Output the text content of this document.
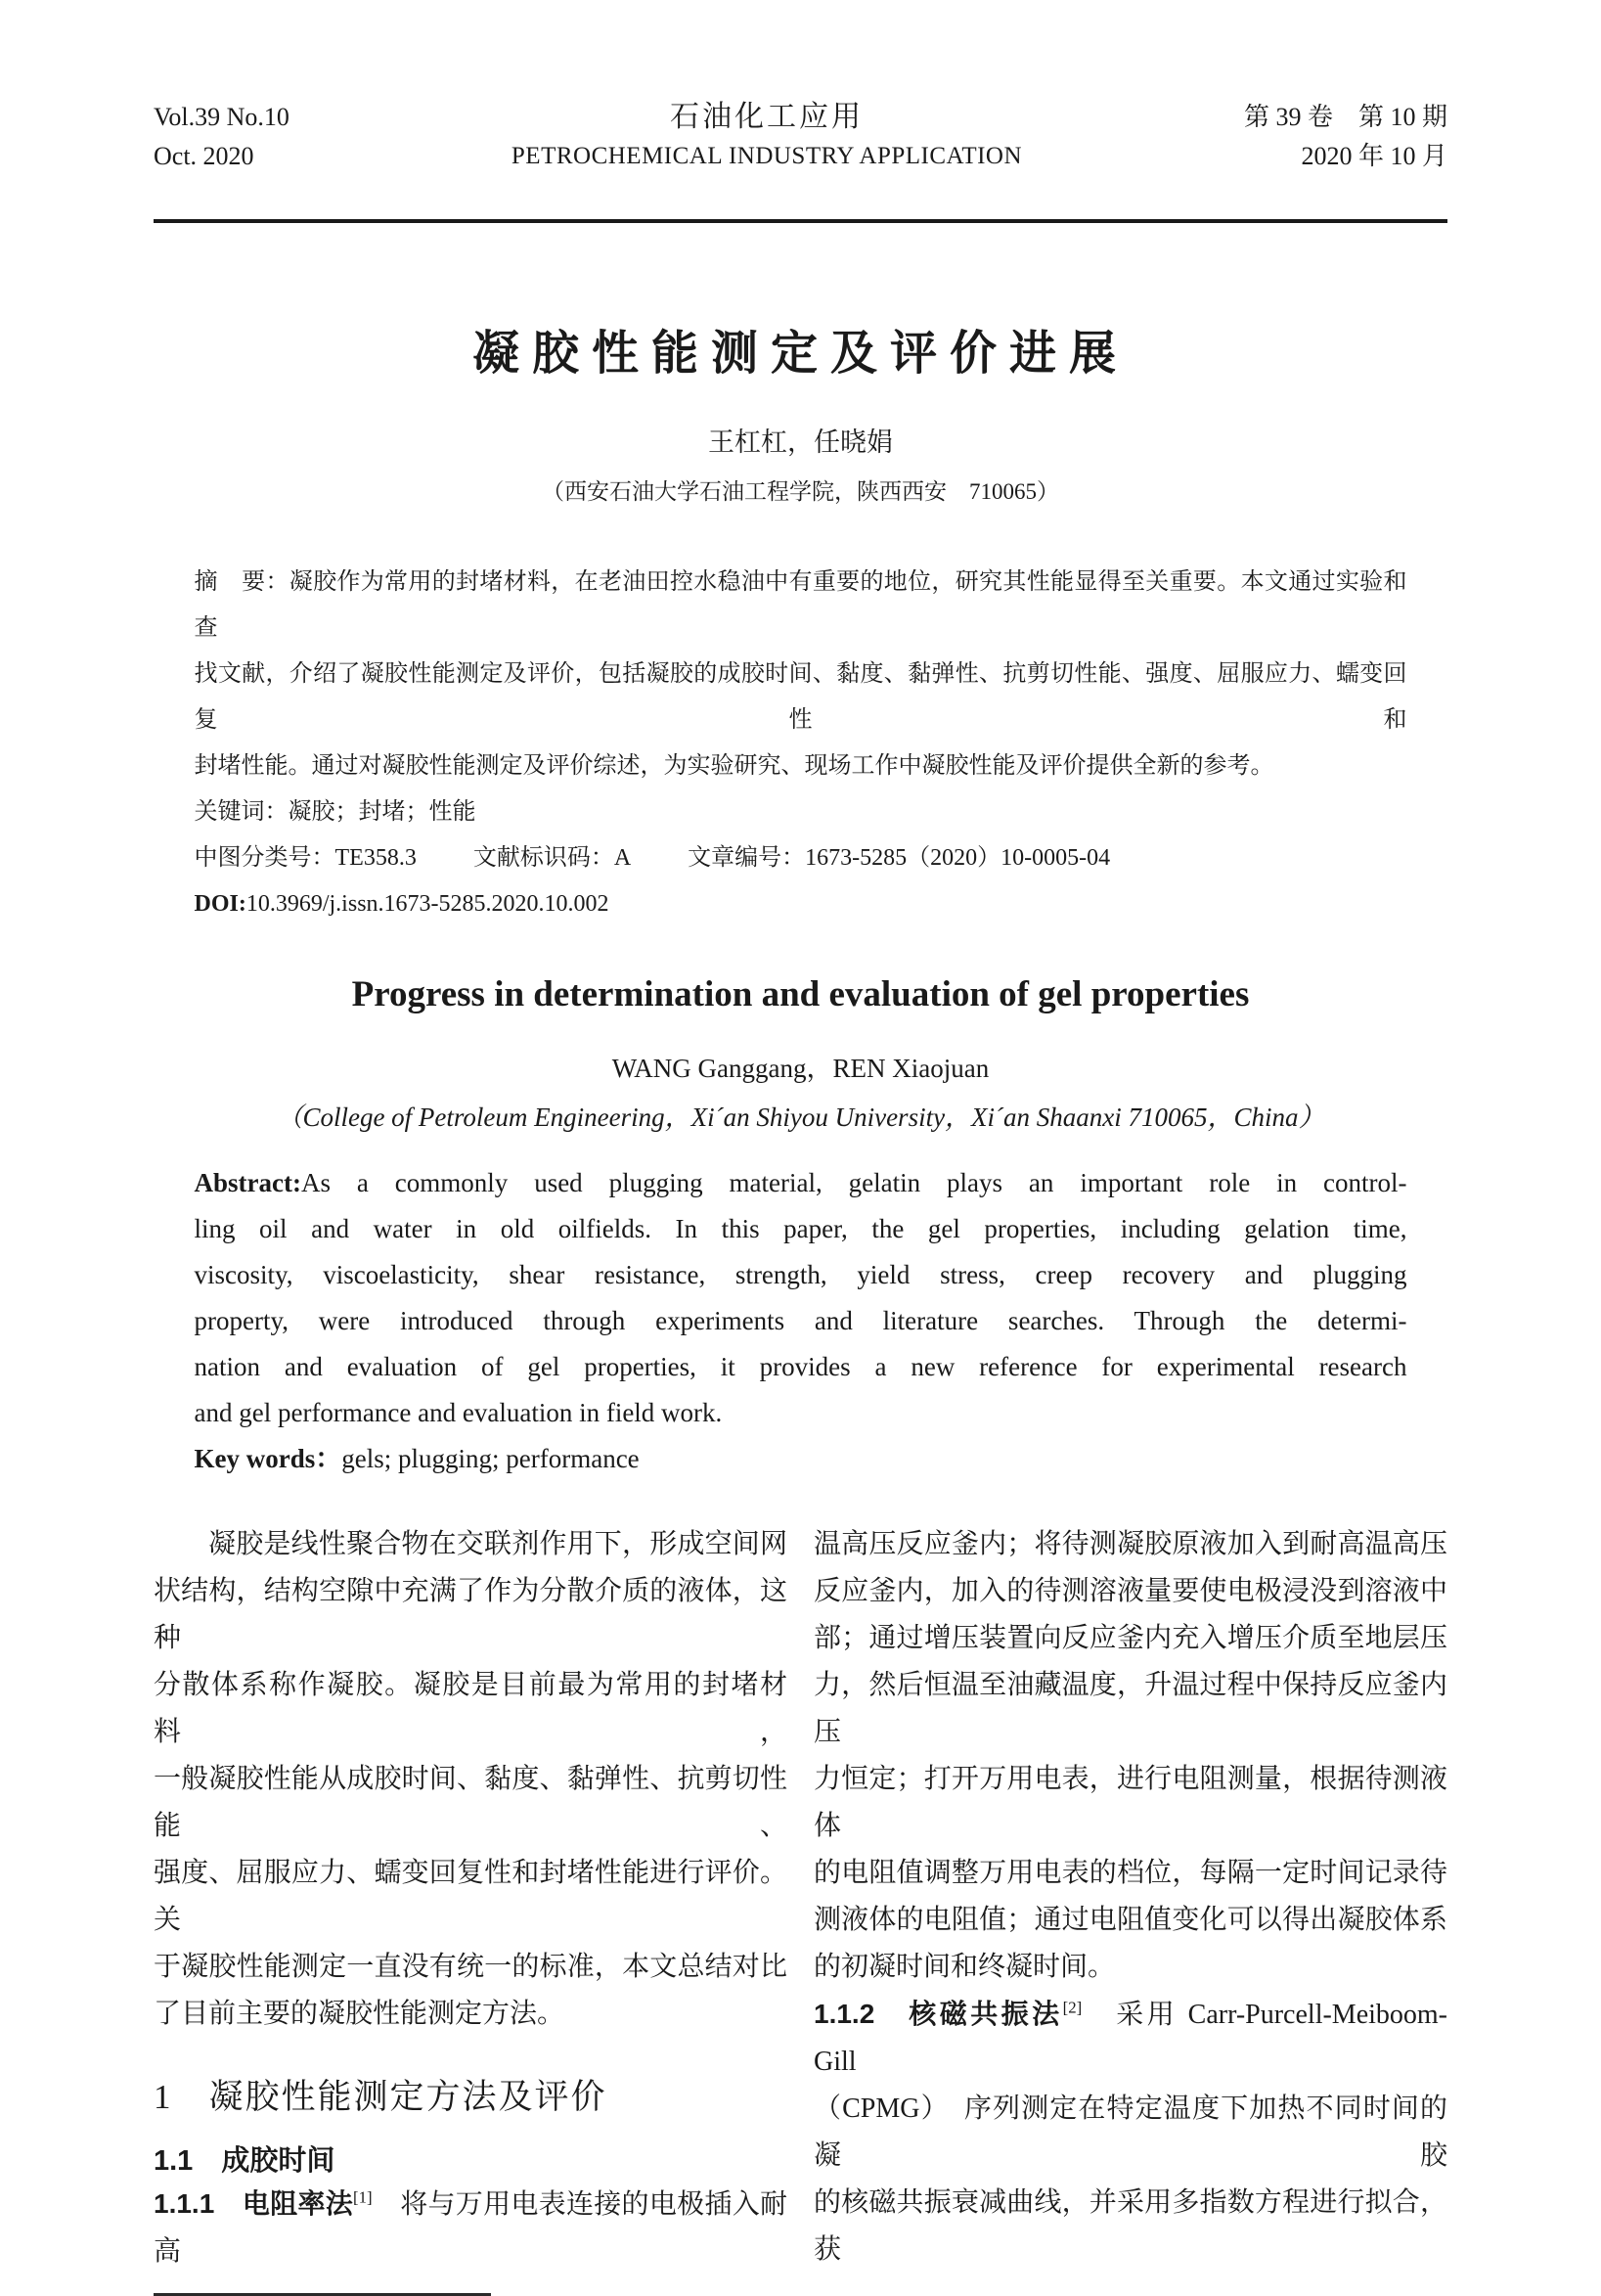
Vol.39 No.10
Oct. 2020
石油化工应用
PETROCHEMICAL INDUSTRY APPLICATION
第 39 卷　第 10 期
2020 年 10 月
凝胶性能测定及评价进展
王杠杠，任晓娟
（西安石油大学石油工程学院，陕西西安　710065）
摘　要：凝胶作为常用的封堵材料，在老油田控水稳油中有重要的地位，研究其性能显得至关重要。本文通过实验和查
找文献，介绍了凝胶性能测定及评价，包括凝胶的成胶时间、黏度、黏弹性、抗剪切性能、强度、屈服应力、蠕变回复性和
封堵性能。通过对凝胶性能测定及评价综述，为实验研究、现场工作中凝胶性能及评价提供全新的参考。
关键词：凝胶；封堵；性能
中图分类号：TE358.3 文献标识码：A 文章编号：1673-5285（2020）10-0005-04
DOI:10.3969/j.issn.1673-5285.2020.10.002
Progress in determination and evaluation of gel properties
WANG Ganggang，REN Xiaojuan
（College of Petroleum Engineering，Xi´an Shiyou University，Xi´an Shaanxi 710065，China）
Abstract:As a commonly used plugging material, gelatin plays an important role in control-
ling oil and water in old oilfields. In this paper, the gel properties, including gelation time,
viscosity, viscoelasticity, shear resistance, strength, yield stress, creep recovery and plugging
property, were introduced through experiments and literature searches. Through the determi-
nation and evaluation of gel properties, it provides a new reference for experimental research
and gel performance and evaluation in field work.
Key words：gels; plugging; performance
凝胶是线性聚合物在交联剂作用下，形成空间网
状结构，结构空隙中充满了作为分散介质的液体，这种
分散体系称作凝胶。凝胶是目前最为常用的封堵材料，
一般凝胶性能从成胶时间、黏度、黏弹性、抗剪切性能、
强度、屈服应力、蠕变回复性和封堵性能进行评价。关
于凝胶性能测定一直没有统一的标准，本文总结对比
了目前主要的凝胶性能测定方法。
1　凝胶性能测定方法及评价
1.1　成胶时间
1.1.1　电阻率法[1]　将与万用电表连接的电极插入耐高
温高压反应釜内；将待测凝胶原液加入到耐高温高压
反应釜内，加入的待测溶液量要使电极浸没到溶液中
部；通过增压装置向反应釜内充入增压介质至地层压
力，然后恒温至油藏温度，升温过程中保持反应釜内压
力恒定；打开万用电表，进行电阻测量，根据待测液体
的电阻值调整万用电表的档位，每隔一定时间记录待
测液体的电阻值；通过电阻值变化可以得出凝胶体系
的初凝时间和终凝时间。
1.1.2　核磁共振法[2]　采用 Carr-Purcell-Meiboom-Gill
（CPMG）　序列测定在特定温度下加热不同时间的凝胶
的核磁共振衰减曲线，并采用多指数方程进行拟合，获
